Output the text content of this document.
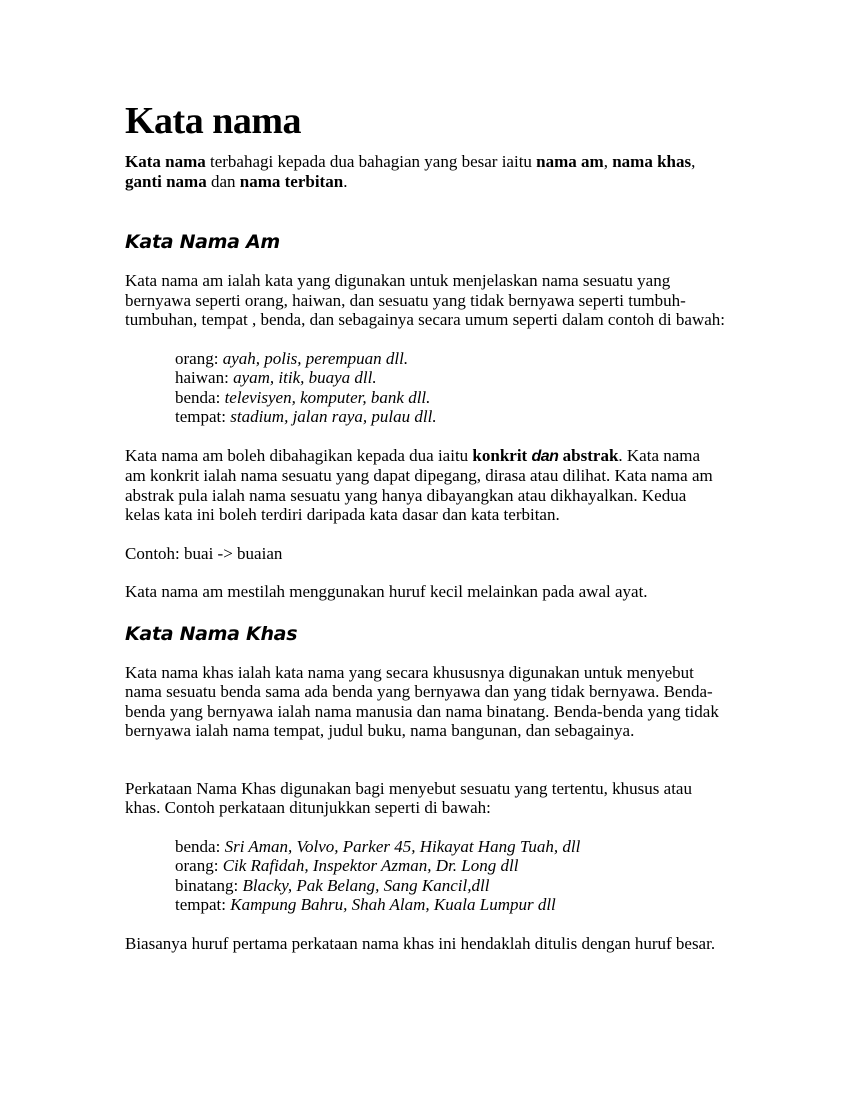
Kata nama

Kata nama terbahagi kepada dua bahagian yang besar iaitu nama am, nama khas, ganti nama dan nama terbitan.

Kata Nama Am

Kata nama am ialah kata yang digunakan untuk menjelaskan nama sesuatu yang bernyawa seperti orang, haiwan, dan sesuatu yang tidak bernyawa seperti tumbuh-tumbuhan, tempat , benda, dan sebagainya secara umum seperti dalam contoh di bawah:

orang: ayah, polis, perempuan dll.
haiwan: ayam, itik, buaya dll.
benda: televisyen, komputer, bank dll.
tempat: stadium, jalan raya, pulau dll.

Kata nama am boleh dibahagikan kepada dua iaitu konkrit dan abstrak. Kata nama am konkrit ialah nama sesuatu yang dapat dipegang, dirasa atau dilihat. Kata nama am abstrak pula ialah nama sesuatu yang hanya dibayangkan atau dikhayalkan. Kedua kelas kata ini boleh terdiri daripada kata dasar dan kata terbitan.

Contoh: buai -> buaian

Kata nama am mestilah menggunakan huruf kecil melainkan pada awal ayat.

Kata Nama Khas

Kata nama khas ialah kata nama yang secara khususnya digunakan untuk menyebut nama sesuatu benda sama ada benda yang bernyawa dan yang tidak bernyawa. Benda-benda yang bernyawa ialah nama manusia dan nama binatang. Benda-benda yang tidak bernyawa ialah nama tempat, judul buku, nama bangunan, dan sebagainya.

Perkataan Nama Khas digunakan bagi menyebut sesuatu yang tertentu, khusus atau khas. Contoh perkataan ditunjukkan seperti di bawah:

benda: Sri Aman, Volvo, Parker 45, Hikayat Hang Tuah, dll
orang: Cik Rafidah, Inspektor Azman, Dr. Long dll
binatang: Blacky, Pak Belang, Sang Kancil,dll
tempat: Kampung Bahru, Shah Alam, Kuala Lumpur dll

Biasanya huruf pertama perkataan nama khas ini hendaklah ditulis dengan huruf besar.
